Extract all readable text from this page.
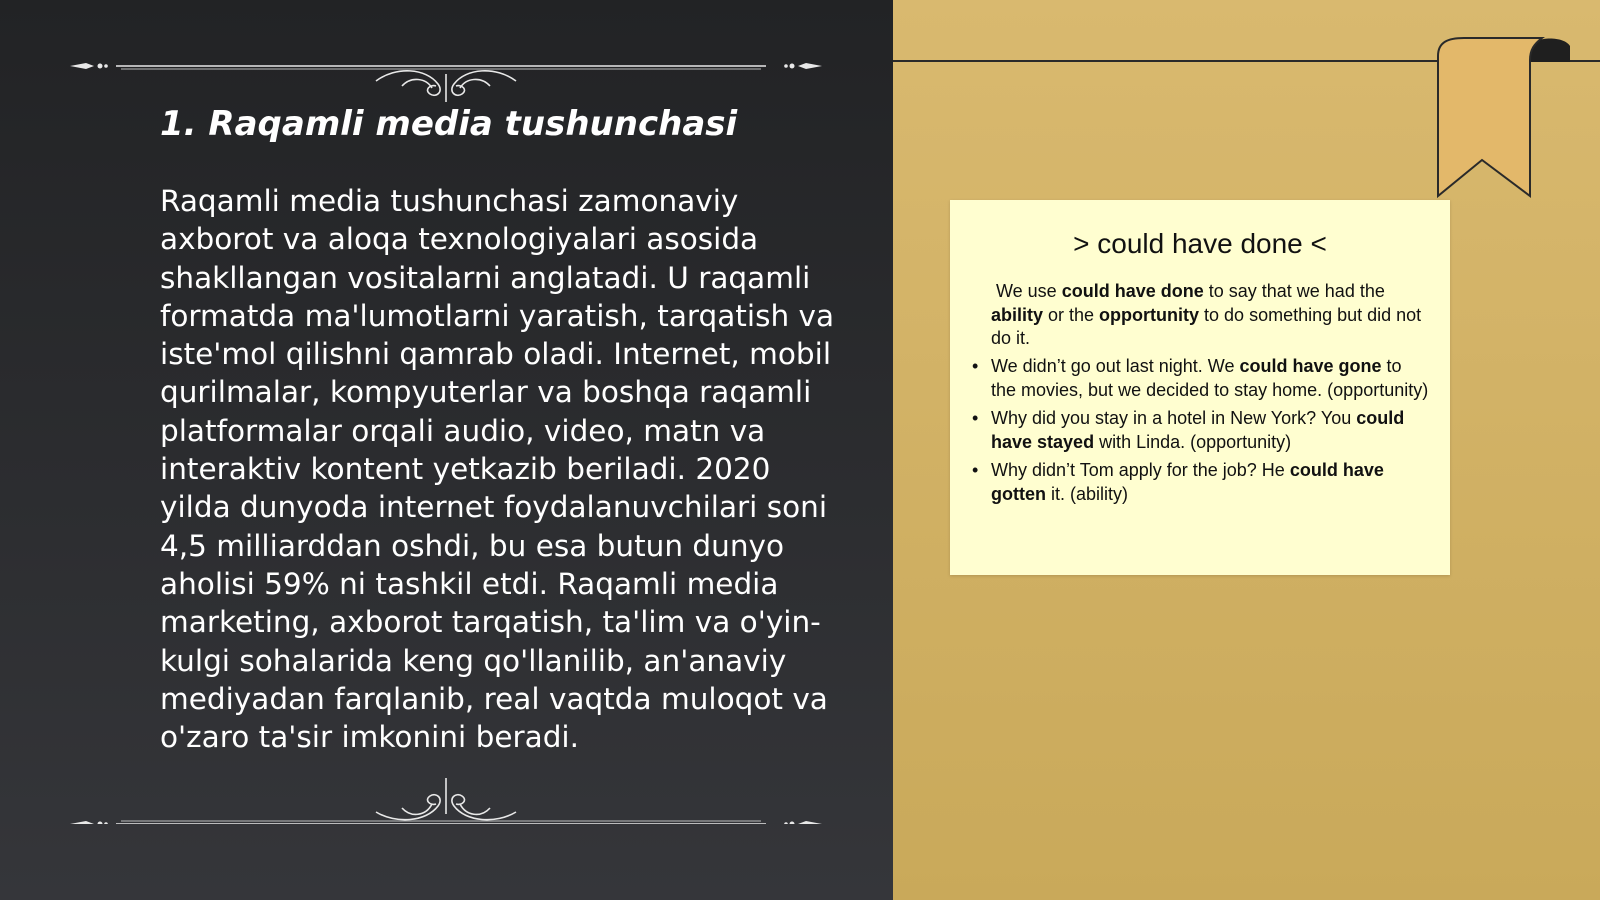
1. Raqamli media tushunchasi

Raqamli media tushunchasi zamonaviy axborot va aloqa texnologiyalari asosida shakllangan vositalarni anglatadi. U raqamli formatda ma'lumotlarni yaratish, tarqatish va iste'mol qilishni qamrab oladi. Internet, mobil qurilmalar, kompyuterlar va boshqa raqamli platformalar orqali audio, video, matn va interaktiv kontent yetkazib beriladi. 2020 yilda dunyoda internet foydalanuvchilari soni 4,5 milliarddan oshdi, bu esa butun dunyo aholisi 59% ni tashkil etdi. Raqamli media marketing, axborot tarqatish, ta'lim va o'yin-kulgi sohalarida keng qo'llanilib, an'anaviy mediyadan farqlanib, real vaqtda muloqot va o'zaro ta'sir imkonini beradi.

> could have done <

We use could have done to say that we had the ability or the opportunity to do something but did not do it.

• We didn’t go out last night. We could have gone to the movies, but we decided to stay home. (opportunity)
• Why did you stay in a hotel in New York? You could have stayed with Linda. (opportunity)
• Why didn’t Tom apply for the job? He could have gotten it. (ability)
